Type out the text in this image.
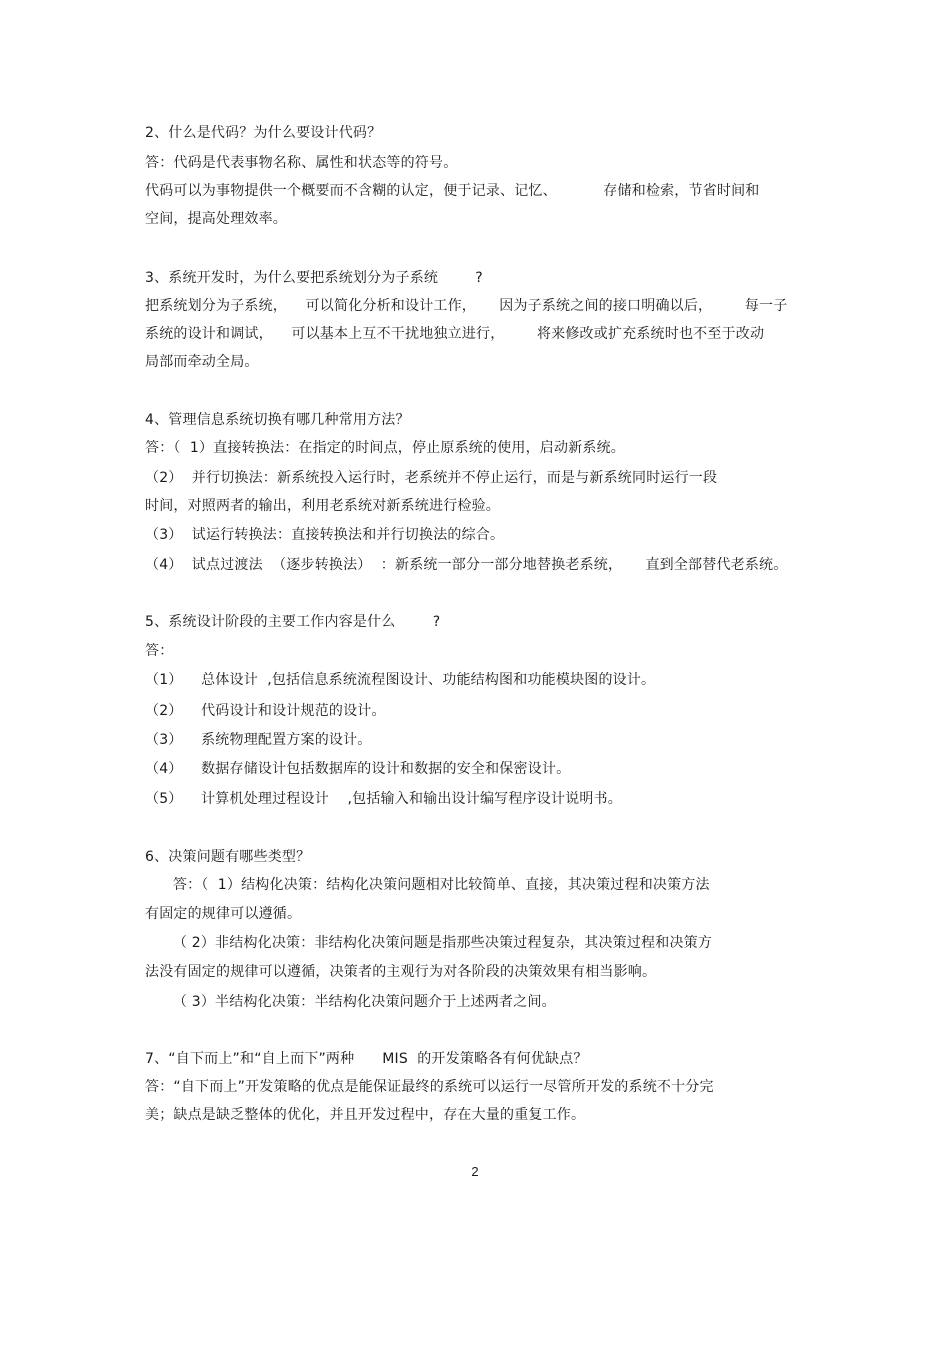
2、什么是代码？为什么要设计代码？
答：代码是代表事物名称、属性和状态等的符号。
代码可以为事物提供一个概要而不含糊的认定，便于记录、记忆、          存储和检索，节省时间和
空间，提高处理效率。
3、系统开发时，为什么要把系统划分为子系统        ?
把系统划分为子系统，    可以简化分析和设计工作，     因为子系统之间的接口明确以后，       每一子
系统的设计和调试，    可以基本上互不干扰地独立进行，       将来修改或扩充系统时也不至于改动
局部而牵动全局。
4、管理信息系统切换有哪几种常用方法？
答：（  1）直接转换法：在指定的时间点，停止原系统的使用，启动新系统。
（2）  并行切换法：新系统投入运行时，老系统并不停止运行，而是与新系统同时运行一段
时间，对照两者的输出，利用老系统对新系统进行检验。
（3）  试运行转换法：直接转换法和并行切换法的综合。
（4）  试点过渡法  （逐步转换法）  ：新系统一部分一部分地替换老系统，     直到全部替代老系统。
5、系统设计阶段的主要工作内容是什么        ?
答：
（1）    总体设计  ,包括信息系统流程图设计、功能结构图和功能模块图的设计。
（2）    代码设计和设计规范的设计。
（3）    系统物理配置方案的设计。
（4）    数据存储设计包括数据库的设计和数据的安全和保密设计。
（5）    计算机处理过程设计    ,包括输入和输出设计编写程序设计说明书。
6、决策问题有哪些类型？
答：（  1）结构化决策：结构化决策问题相对比较简单、直接，其决策过程和决策方法
有固定的规律可以遵循。
（ 2）非结构化决策：非结构化决策问题是指那些决策过程复杂，其决策过程和决策方
法没有固定的规律可以遵循，决策者的主观行为对各阶段的决策效果有相当影响。
（ 3）半结构化决策：半结构化决策问题介于上述两者之间。
7、“自下而上”和“自上而下”两种      MIS  的开发策略各有何优缺点？
答：“自下而上”开发策略的优点是能保证最终的系统可以运行一尽管所开发的系统不十分完
美；缺点是缺乏整体的优化，并且开发过程中，存在大量的重复工作。
2
